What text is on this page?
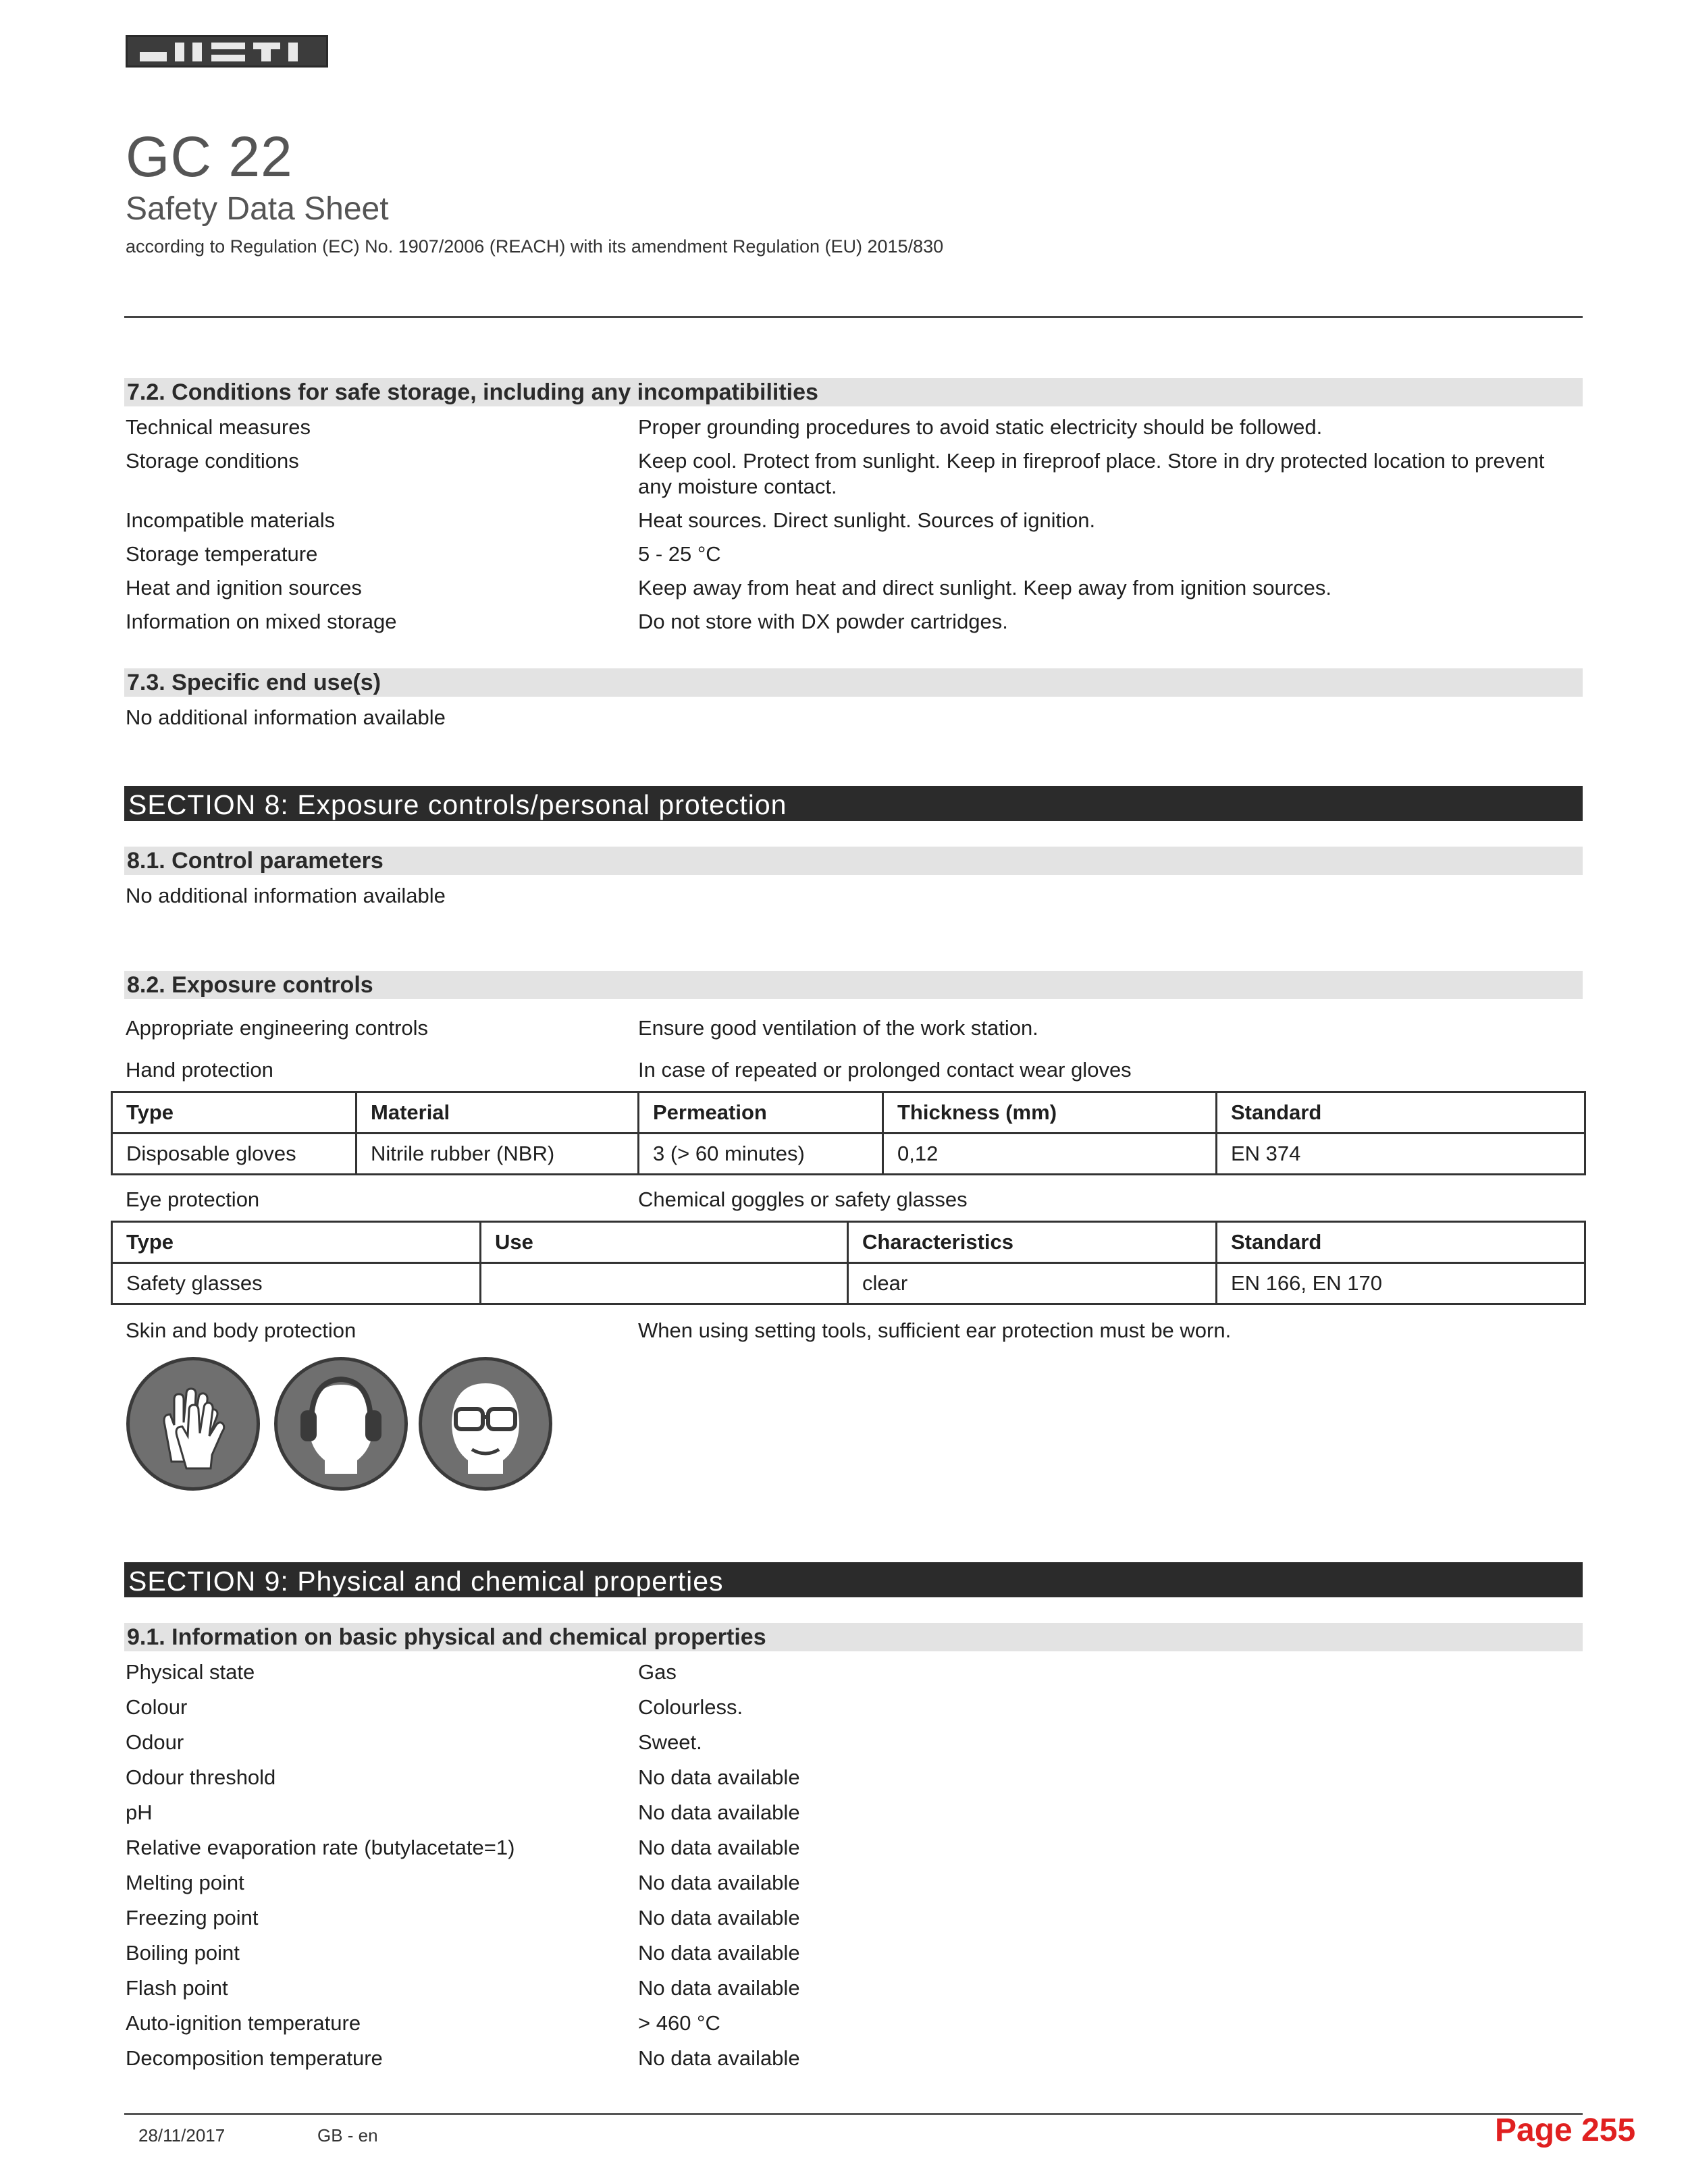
GC 22
Safety Data Sheet
according to Regulation (EC) No. 1907/2006 (REACH) with its amendment Regulation (EU) 2015/830
7.2. Conditions for safe storage, including any incompatibilities
Technical measures	Proper grounding procedures to avoid static electricity should be followed.
Storage conditions	Keep cool. Protect from sunlight. Keep in fireproof place. Store in dry protected location to prevent any moisture contact.
Incompatible materials	Heat sources. Direct sunlight. Sources of ignition.
Storage temperature	5 - 25 °C
Heat and ignition sources	Keep away from heat and direct sunlight. Keep away from ignition sources.
Information on mixed storage	Do not store with DX powder cartridges.
7.3. Specific end use(s)
No additional information available
SECTION 8: Exposure controls/personal protection
8.1. Control parameters
No additional information available
8.2. Exposure controls
Appropriate engineering controls	Ensure good ventilation of the work station.
Hand protection	In case of repeated or prolonged contact wear gloves
Type	Material	Permeation	Thickness (mm)	Standard
Disposable gloves	Nitrile rubber (NBR)	3 (> 60 minutes)	0,12	EN 374
Eye protection	Chemical goggles or safety glasses
Type	Use	Characteristics	Standard
Safety glasses		clear	EN 166, EN 170
Skin and body protection	When using setting tools, sufficient ear protection must be worn.
SECTION 9: Physical and chemical properties
9.1. Information on basic physical and chemical properties
Physical state	Gas
Colour	Colourless.
Odour	Sweet.
Odour threshold	No data available
pH	No data available
Relative evaporation rate (butylacetate=1)	No data available
Melting point	No data available
Freezing point	No data available
Boiling point	No data available
Flash point	No data available
Auto-ignition temperature	> 460 °C
Decomposition temperature	No data available
28/11/2017	GB - en	Page 255
